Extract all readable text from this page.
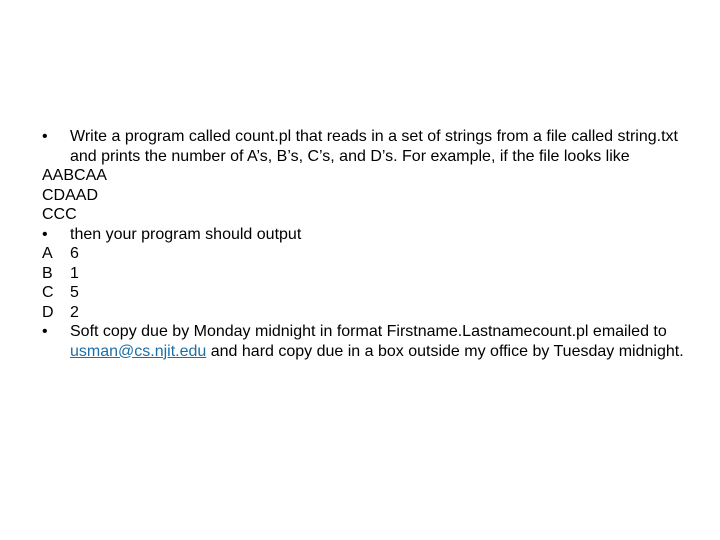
•	Write a program called count.pl that reads in a set of strings from a file called string.txt and prints the number of A’s, B’s, C’s, and D’s. For example, if the file looks like
AABCAA
CDAAD
CCC
•	then your program should output
A	6
B	1
C	5
D	2
•	Soft copy due by Monday midnight in format Firstname.Lastnamecount.pl emailed to usman@cs.njit.edu and hard copy due in a box outside my office by Tuesday midnight.
